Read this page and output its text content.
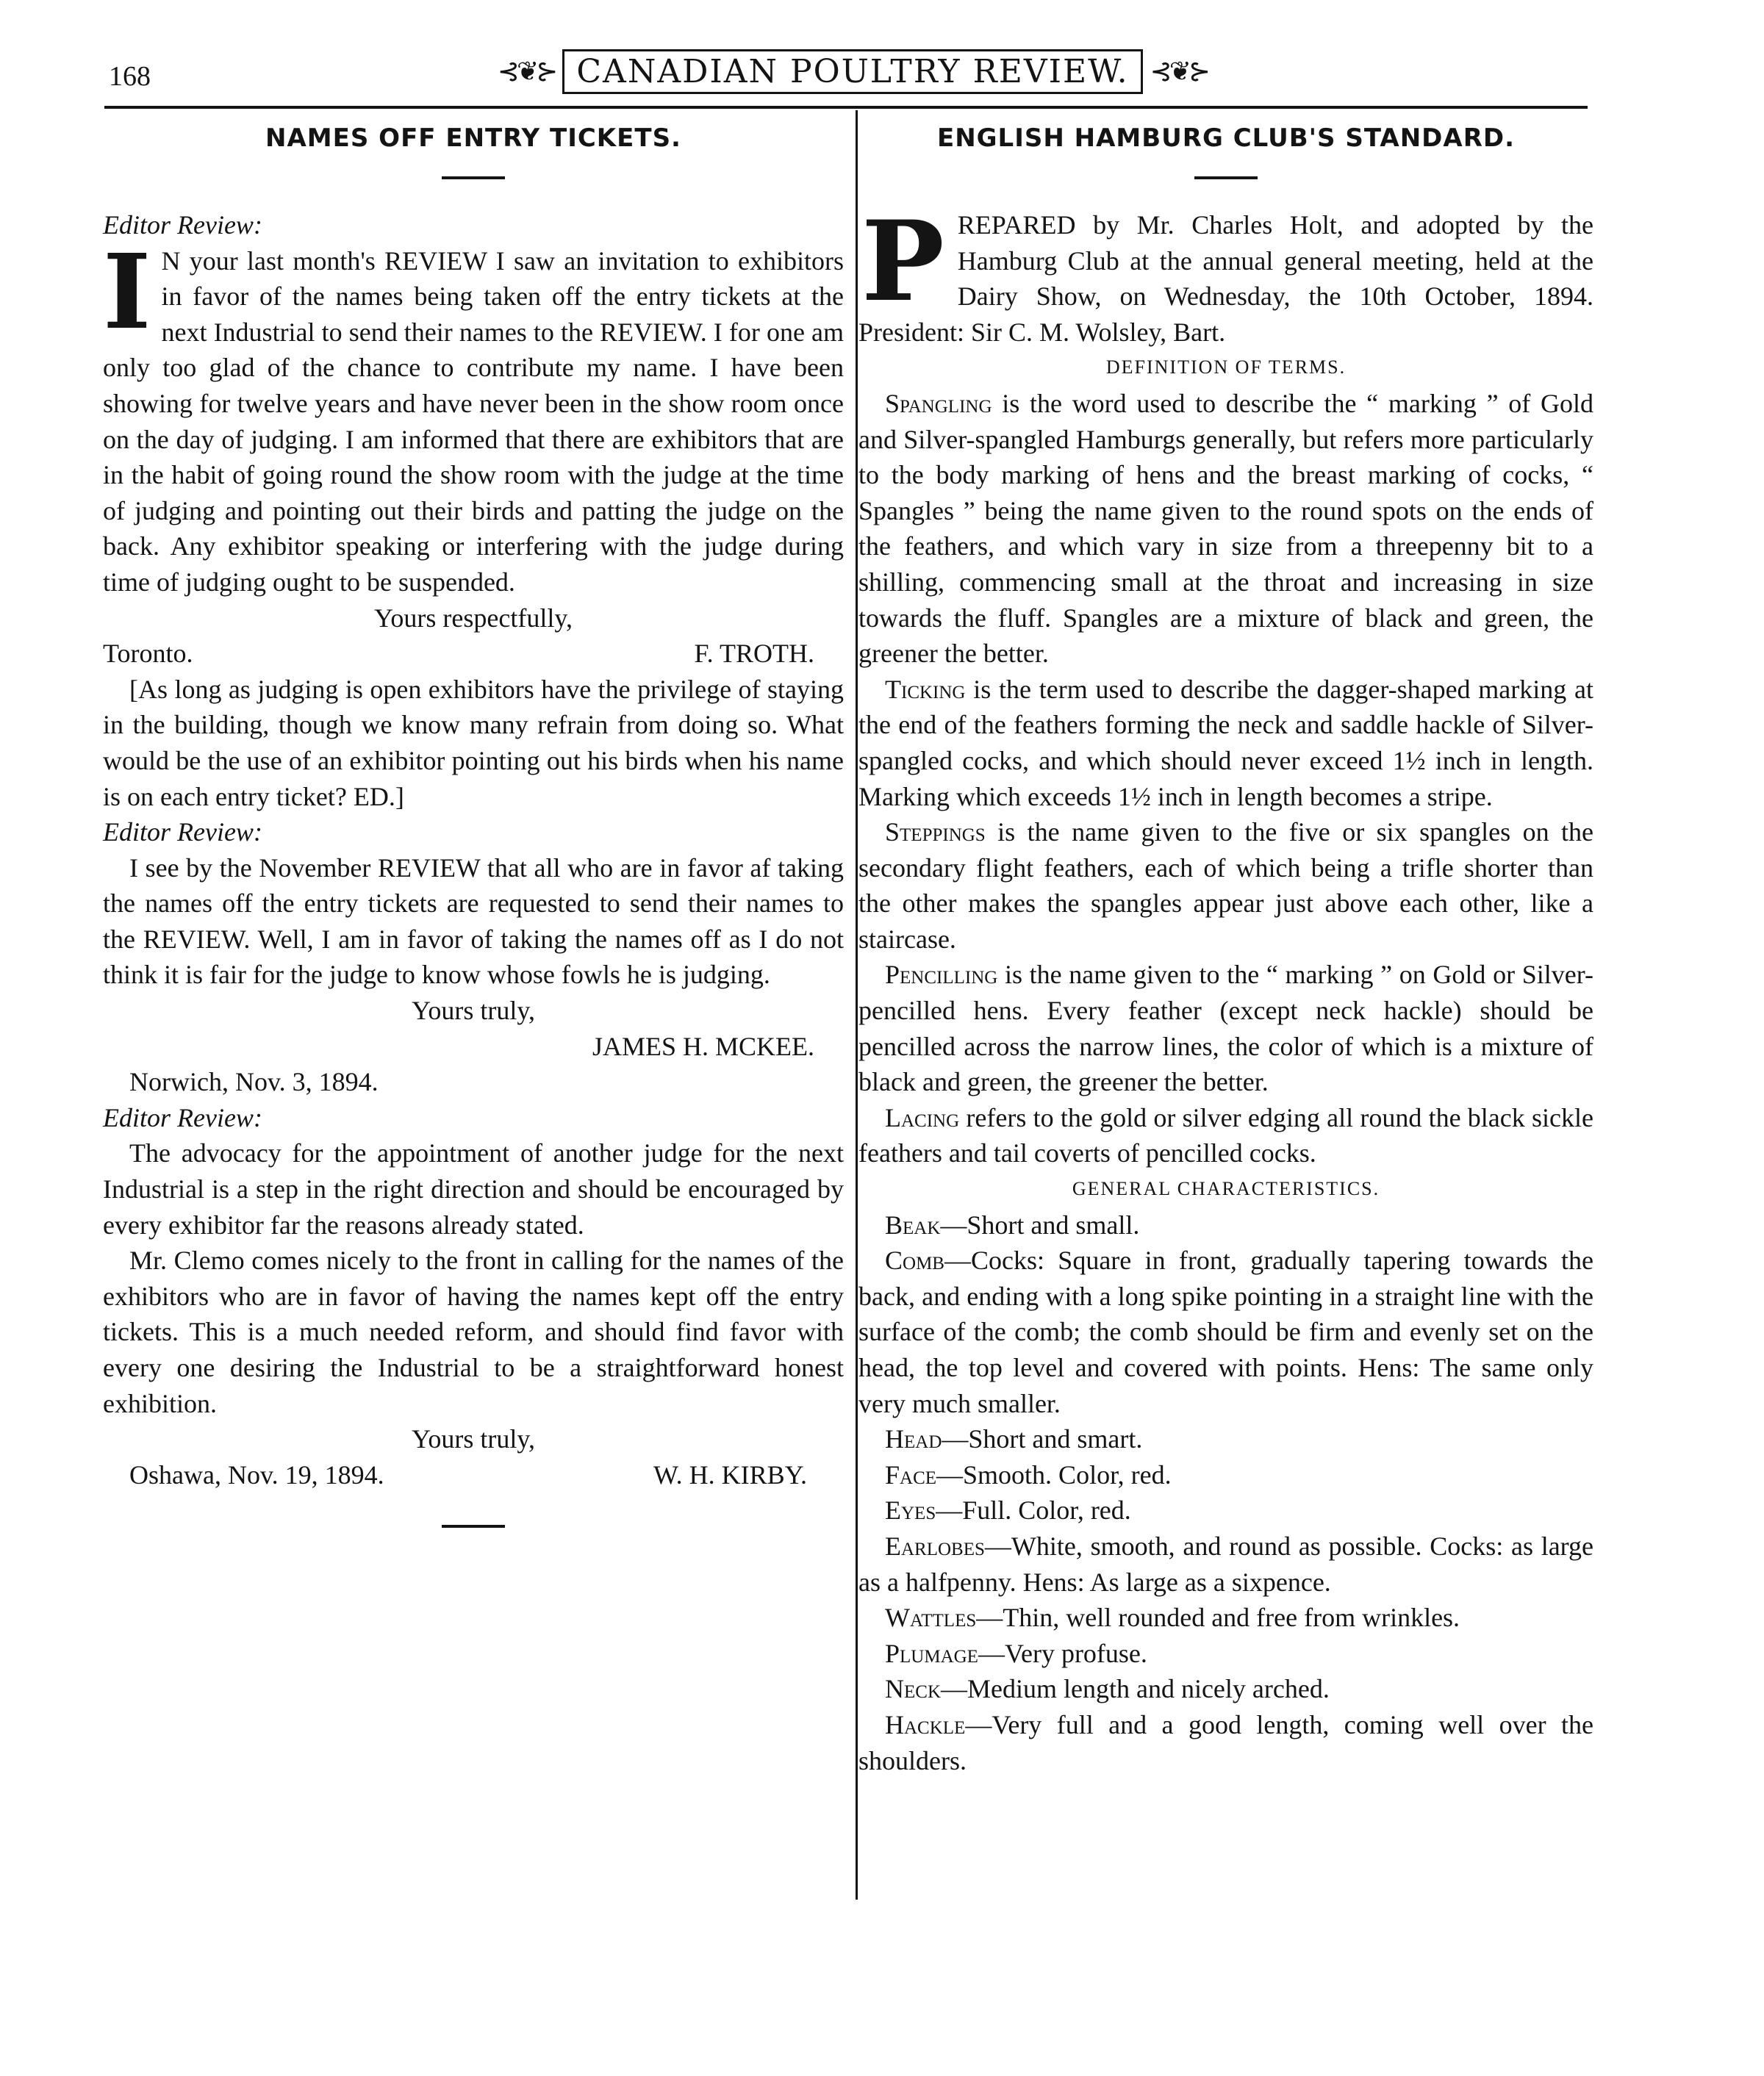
168	⊰❦⊱ CANADIAN POULTRY REVIEW. ⊰❦⊱
NAMES OFF ENTRY TICKETS.

Editor Review:

I N your last month's REVIEW I saw an invitation to exhibitors in favor of the names being taken off the entry tickets at the next Industrial to send their names to the REVIEW. I for one am only too glad of the chance to contribute my name. I have been showing for twelve years and have never been in the show room once on the day of judging. I am informed that there are exhibitors that are in the habit of going round the show room with the judge at the time of judging and pointing out their birds and patting the judge on the back. Any exhibitor speaking or interfering with the judge during time of judging ought to be suspended.

Yours respectfully,

Toronto.	F. TROTH.

[As long as judging is open exhibitors have the privilege of staying in the building, though we know many refrain from doing so. What would be the use of an exhibitor pointing out his birds when his name is on each entry ticket? ED.]

Editor Review:

I see by the November REVIEW that all who are in favor af taking the names off the entry tickets are requested to send their names to the REVIEW. Well, I am in favor of taking the names off as I do not think it is fair for the judge to know whose fowls he is judging.

Yours truly,

JAMES H. MCKEE.

Norwich, Nov. 3, 1894.

Editor Review:

The advocacy for the appointment of another judge for the next Industrial is a step in the right direction and should be encouraged by every exhibitor far the reasons already stated.

Mr. Clemo comes nicely to the front in calling for the names of the exhibitors who are in favor of having the names kept off the entry tickets. This is a much needed reform, and should find favor with every one desiring the Industrial to be a straightforward honest exhibition.

Yours truly,

Oshawa, Nov. 19, 1894.	W. H. KIRBY.
ENGLISH HAMBURG CLUB'S STANDARD.

PREPARED by Mr. Charles Holt, and adopted by the Hamburg Club at the annual general meeting, held at the Dairy Show, on Wednesday, the 10th October, 1894. President: Sir C. M. Wolsley, Bart.

DEFINITION OF TERMS.

Spangling is the word used to describe the “ marking ” of Gold and Silver-spangled Hamburgs generally, but refers more particularly to the body marking of hens and the breast marking of cocks, “ Spangles ” being the name given to the round spots on the ends of the feathers, and which vary in size from a threepenny bit to a shilling, commencing small at the throat and increasing in size towards the fluff. Spangles are a mixture of black and green, the greener the better.

Ticking is the term used to describe the dagger-shaped marking at the end of the feathers forming the neck and saddle hackle of Silver-spangled cocks, and which should never exceed 1½ inch in length. Marking which exceeds 1½ inch in length becomes a stripe.

Steppings is the name given to the five or six spangles on the secondary flight feathers, each of which being a trifle shorter than the other makes the spangles appear just above each other, like a staircase.

Pencilling is the name given to the “ marking ” on Gold or Silver-pencilled hens. Every feather (except neck hackle) should be pencilled across the narrow lines, the color of which is a mixture of black and green, the greener the better.

Lacing refers to the gold or silver edging all round the black sickle feathers and tail coverts of pencilled cocks.

GENERAL CHARACTERISTICS.

Beak—Short and small.

Comb—Cocks: Square in front, gradually tapering towards the back, and ending with a long spike pointing in a straight line with the surface of the comb; the comb should be firm and evenly set on the head, the top level and covered with points. Hens: The same only very much smaller.

Head—Short and smart.

Face—Smooth. Color, red.

Eyes—Full. Color, red.

Earlobes—White, smooth, and round as possible. Cocks: as large as a halfpenny. Hens: As large as a sixpence.

Wattles—Thin, well rounded and free from wrinkles.

Plumage—Very profuse.

Neck—Medium length and nicely arched.

Hackle—Very full and a good length, coming well over the shoulders.
